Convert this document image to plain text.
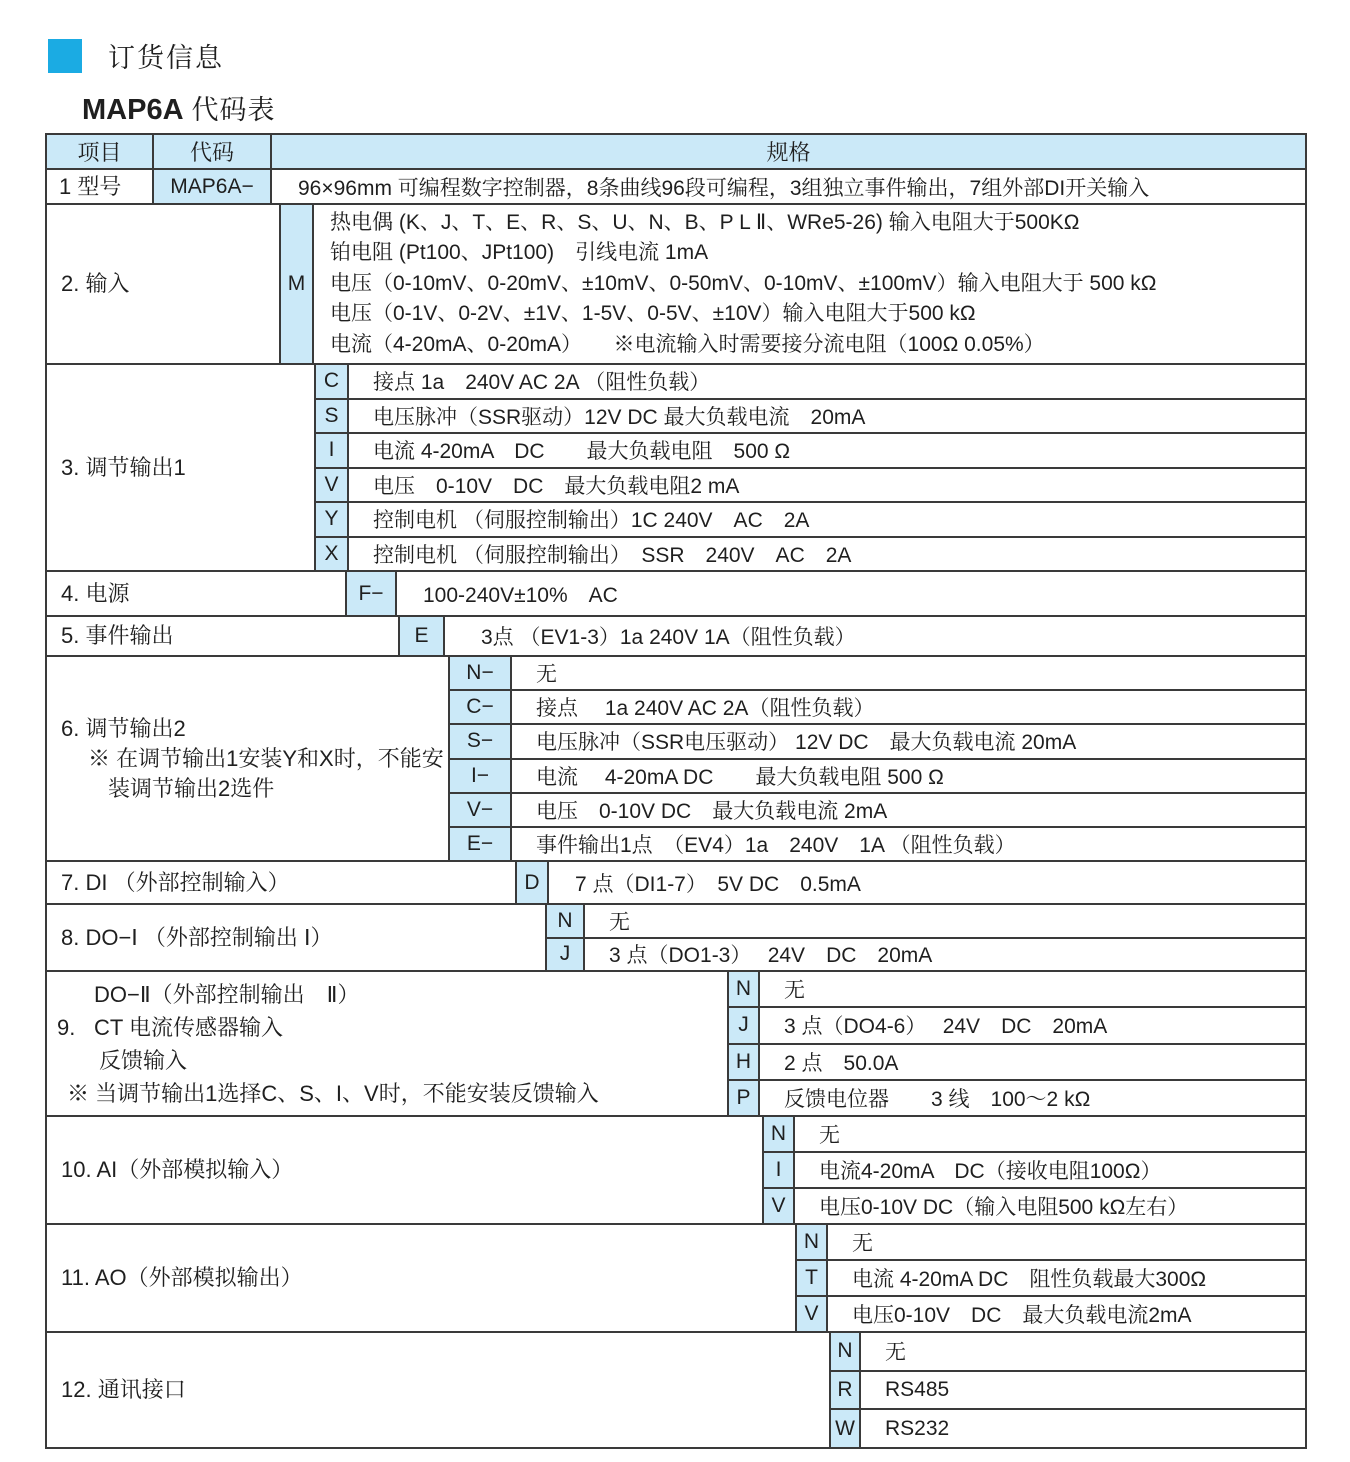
订货信息
MAP6A 代码表
项目	代码	规格
1 型号	MAP6A−	96×96mm 可编程数字控制器，8条曲线96段可编程，3组独立事件输出，7组外部DI开关输入
2. 输入	M
热电偶 (K、J、T、E、R、S、U、N、B、P L Ⅱ、WRe5-26) 输入电阻大于500KΩ
铂电阻 (Pt100、JPt100)　引线电流 1mA
电压（0-10mV、0-20mV、±10mV、0-50mV、0-10mV、±100mV）输入电阻大于 500 kΩ
电压（0-1V、0-2V、±1V、1-5V、0-5V、±10V）输入电阻大于500 kΩ
电流（4-20mA、0-20mA）　　※电流输入时需要接分流电阻（100Ω 0.05%）
3. 调节输出1
C	接点 1a　240V AC 2A （阻性负载）
S	电压脉冲（SSR驱动）12V DC 最大负载电流　20mA
I	电流 4-20mA　DC　　最大负载电阻　500 Ω
V	电压　0-10V　DC　最大负载电阻2 mA
Y	控制电机 （伺服控制输出）1C 240V　AC　2A
X	控制电机 （伺服控制输出）　SSR　240V　AC　2A
4. 电源	F−	100-240V±10%　AC
5. 事件输出	E	3点 （EV1-3）1a 240V 1A（阻性负载）
6. 调节输出2
※ 在调节输出1安装Y和X时，不能安
装调节输出2选件
N−	无
C−	接点　 1a 240V AC 2A（阻性负载）
S−	电压脉冲（SSR电压驱动） 12V DC　最大负载电流 20mA
I−	电流　 4-20mA DC　　最大负载电阻 500 Ω
V−	电压　0-10V DC　最大负载电流 2mA
E−	事件输出1点　（EV4）1a　240V　1A （阻性负载）
7. DI （外部控制输入）	D	7 点（DI1-7）　5V DC　0.5mA
8. DO−Ⅰ （外部控制输出 Ⅰ）
N	无
J	3 点（DO1-3）　 24V　DC　20mA
DO−Ⅱ（外部控制输出　Ⅱ）
9. CT 电流传感器输入
反馈输入
※ 当调节输出1选择C、S、I、V时，不能安装反馈输入
N	无
J	3 点（DO4-6）　 24V　DC　20mA
H	2 点　50.0A
P	反馈电位器　　3 线　100～2 kΩ
10. AI（外部模拟输入）
N	无
I	电流4-20mA　DC（接收电阻100Ω）
V	电压0-10V DC（输入电阻500 kΩ左右）
11. AO（外部模拟输出）
N	无
T	电流 4-20mA DC　阻性负载最大300Ω
V	电压0-10V　DC　最大负载电流2mA
12. 通讯接口
N	无
R	RS485
W	RS232
